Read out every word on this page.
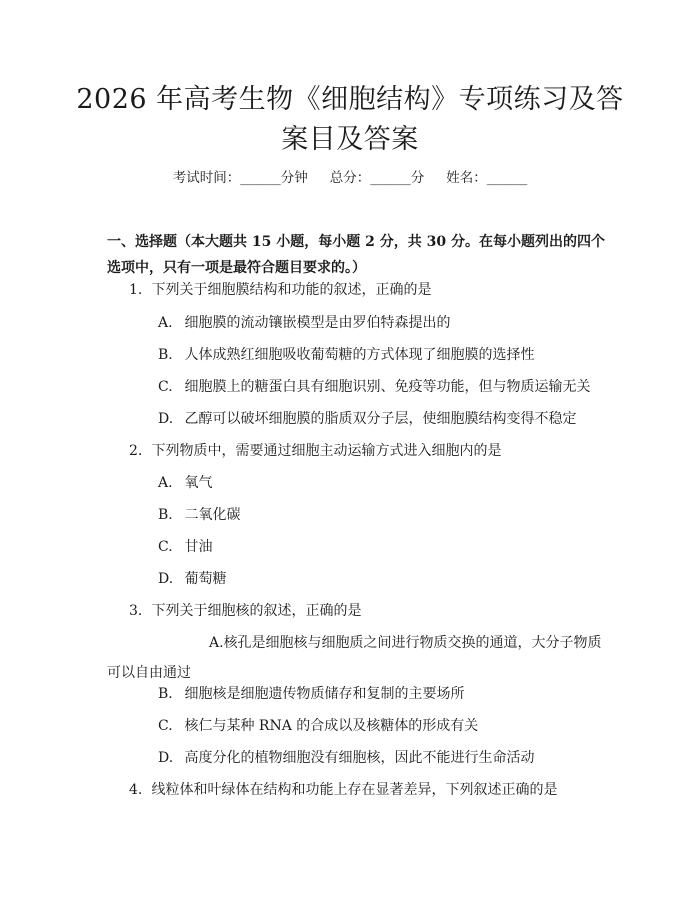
2026 年高考生物《细胞结构》专项练习及答
案目及答案
考试时间：______分钟 总分：______分 姓名：______
一、选择题（本大题共 15 小题，每小题 2 分，共 30 分。在每小题列出的四个选项中，只有一项是最符合题目要求的。）
1. 下列关于细胞膜结构和功能的叙述，正确的是
A. 细胞膜的流动镶嵌模型是由罗伯特森提出的
B. 人体成熟红细胞吸收葡萄糖的方式体现了细胞膜的选择性
C. 细胞膜上的糖蛋白具有细胞识别、免疫等功能，但与物质运输无关
D. 乙醇可以破坏细胞膜的脂质双分子层，使细胞膜结构变得不稳定
2. 下列物质中，需要通过细胞主动运输方式进入细胞内的是
A. 氧气
B. 二氧化碳
C. 甘油
D. 葡萄糖
3. 下列关于细胞核的叙述，正确的是
A.核孔是细胞核与细胞质之间进行物质交换的通道，大分子物质可以自由通过
B. 细胞核是细胞遗传物质储存和复制的主要场所
C. 核仁与某种 RNA 的合成以及核糖体的形成有关
D. 高度分化的植物细胞没有细胞核，因此不能进行生命活动
4. 线粒体和叶绿体在结构和功能上存在显著差异，下列叙述正确的是
